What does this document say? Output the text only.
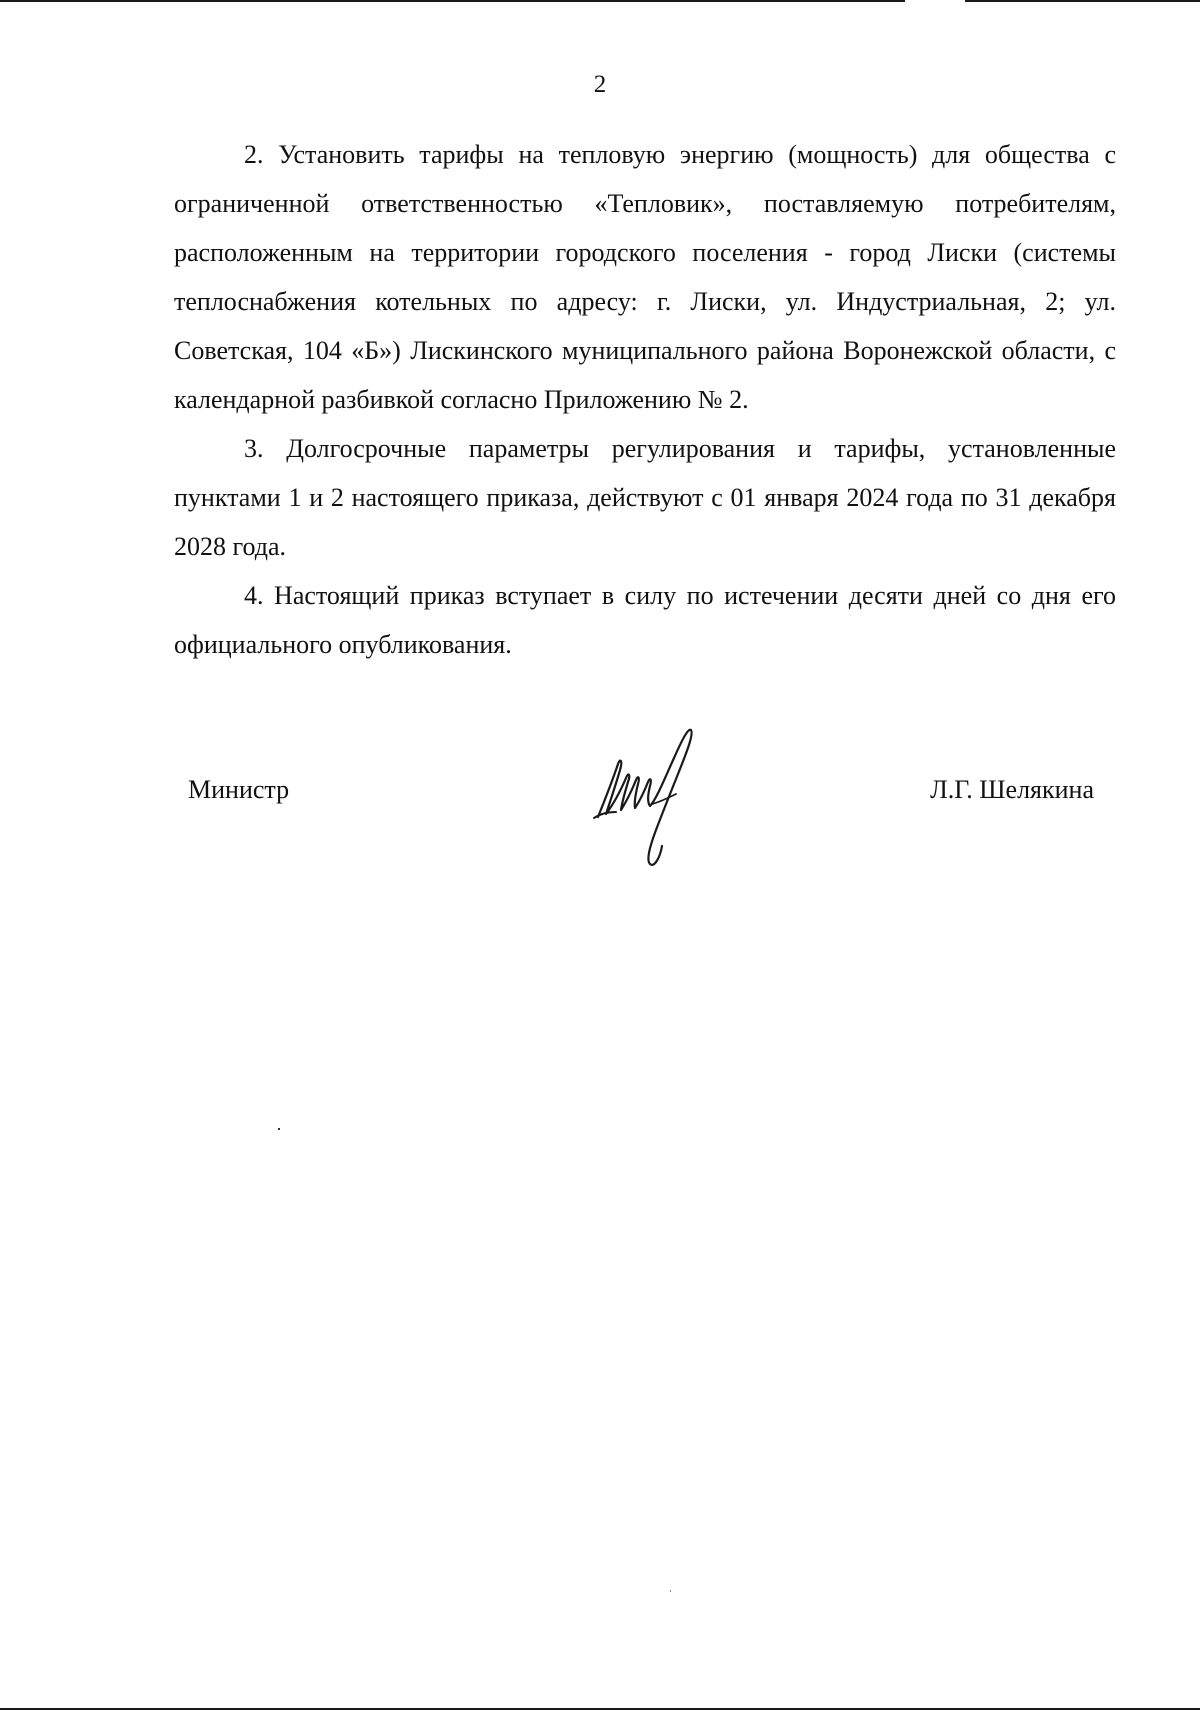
2

2. Установить тарифы на тепловую энергию (мощность) для общества с ограниченной ответственностью «Тепловик», поставляемую потребителям, расположенным на территории городского поселения - город Лиски (системы теплоснабжения котельных по адресу: г. Лиски, ул. Индустриальная, 2; ул. Советская, 104 «Б») Лискинского муниципального района Воронежской области, с календарной разбивкой согласно Приложению № 2.

3. Долгосрочные параметры регулирования и тарифы, установленные пунктами 1 и 2 настоящего приказа, действуют с 01 января 2024 года по 31 декабря 2028 года.

4. Настоящий приказ вступает в силу по истечении десяти дней со дня его официального опубликования.

Министр	Л.Г. Шелякина
